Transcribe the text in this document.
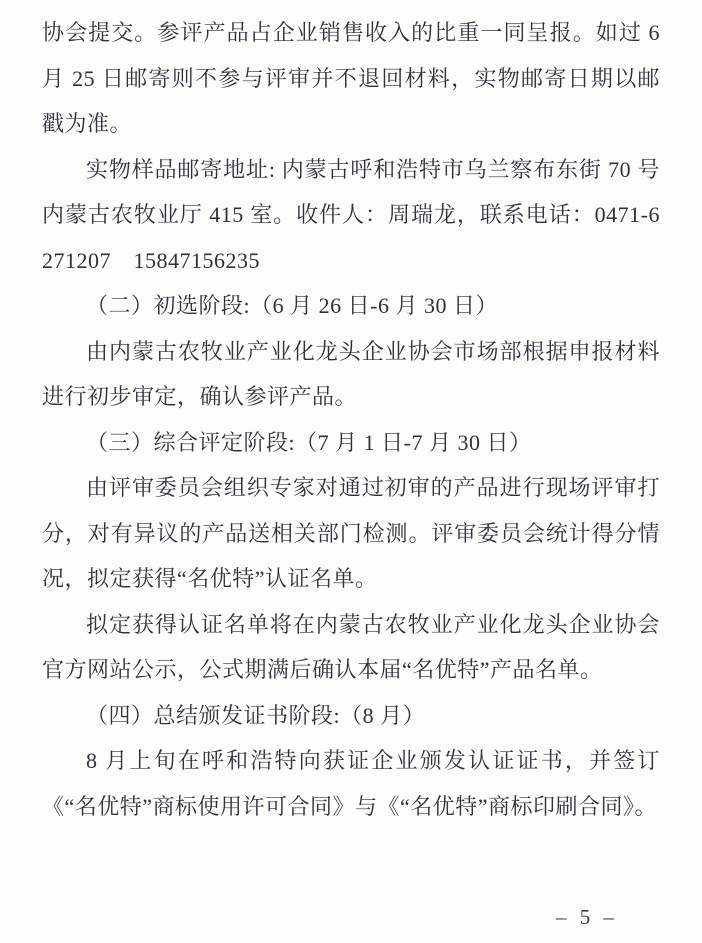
协会提交。参评产品占企业销售收入的比重一同呈报。如过 6 月 25 日邮寄则不参与评审并不退回材料，实物邮寄日期以邮戳为准。

实物样品邮寄地址: 内蒙古呼和浩特市乌兰察布东街 70 号内蒙古农牧业厅 415 室。收件人：周瑞龙，联系电话：0471-6271207　15847156235

（二）初选阶段:（6 月 26 日-6 月 30 日）

由内蒙古农牧业产业化龙头企业协会市场部根据申报材料进行初步审定，确认参评产品。

（三）综合评定阶段:（7 月 1 日-7 月 30 日）

由评审委员会组织专家对通过初审的产品进行现场评审打分，对有异议的产品送相关部门检测。评审委员会统计得分情况，拟定获得“名优特”认证名单。

拟定获得认证名单将在内蒙古农牧业产业化龙头企业协会官方网站公示，公式期满后确认本届“名优特”产品名单。

（四）总结颁发证书阶段:（8 月）

8 月上旬在呼和浩特向获证企业颁发认证证书，并签订《“名优特”商标使用许可合同》与《“名优特”商标印刷合同》。

– 5 –
